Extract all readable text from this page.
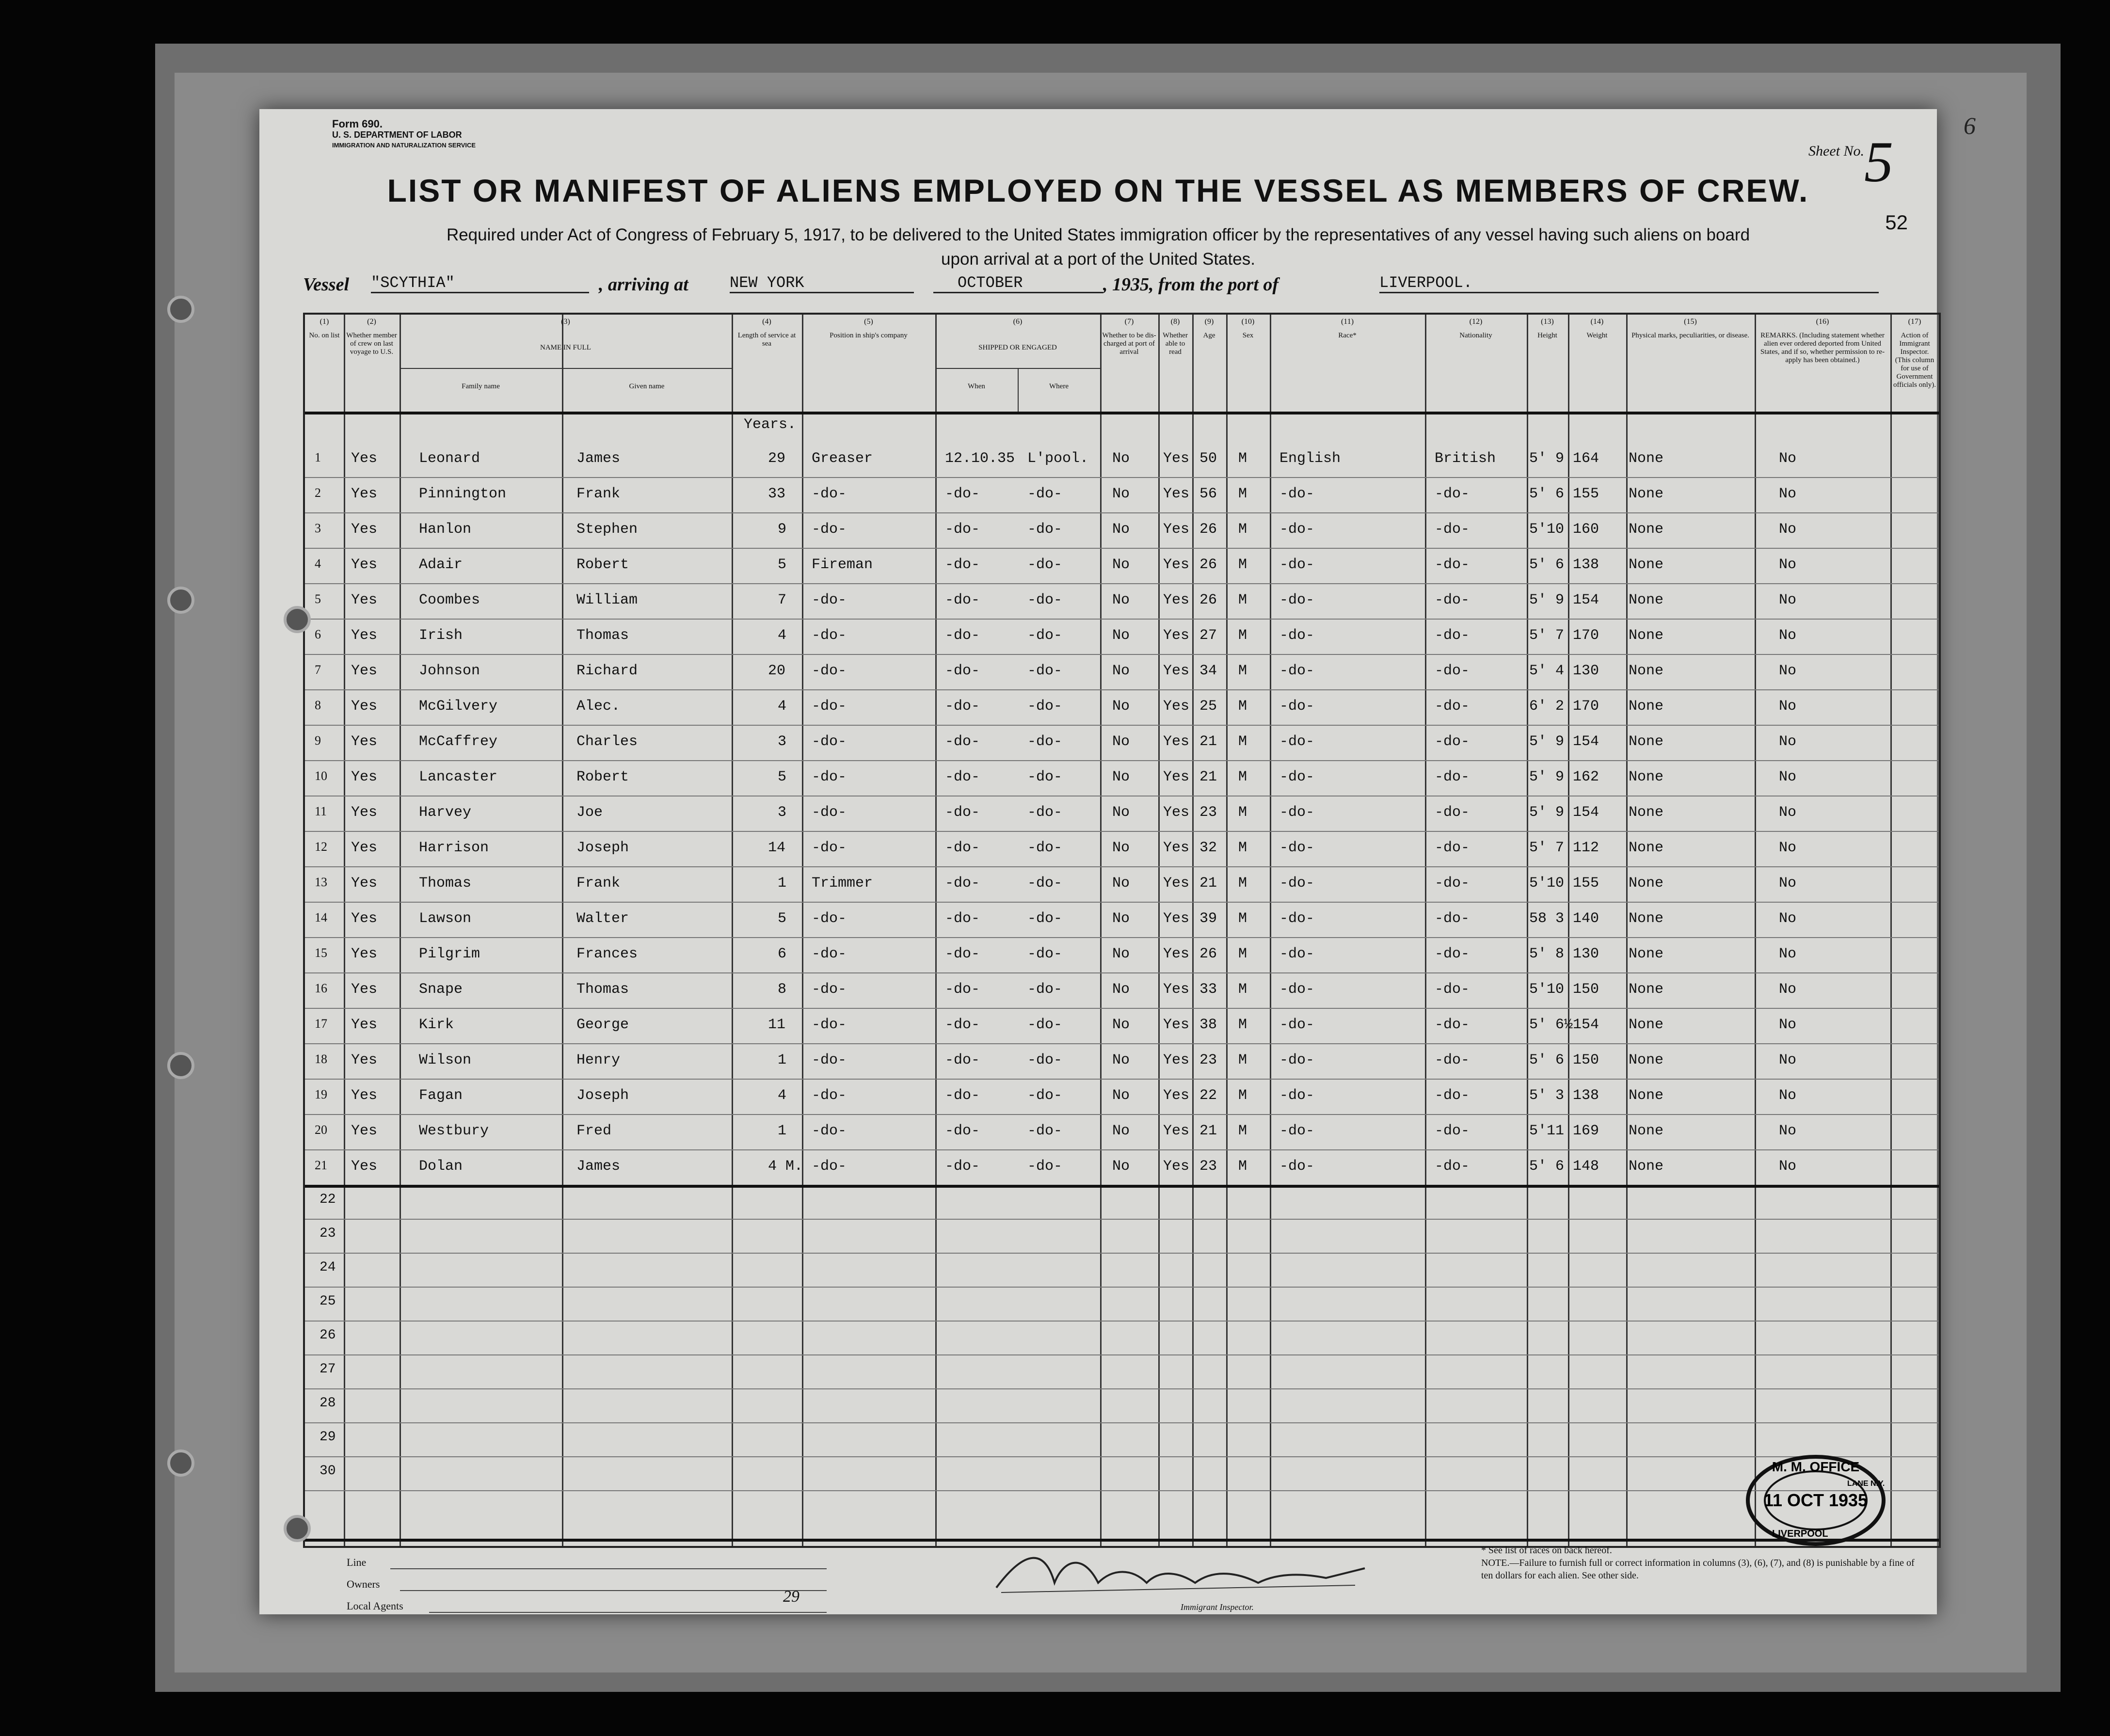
6
Form 690.
U. S. DEPARTMENT OF LABOR
IMMIGRATION AND NATURALIZATION SERVICE	Sheet No. 5
52
LIST OR MANIFEST OF ALIENS EMPLOYED ON THE VESSEL AS MEMBERS OF CREW.
Required under Act of Congress of February 5, 1917, to be delivered to the United States immigration officer by the representatives of any vessel having such aliens on board upon arrival at a port of the United States.
Vessel "SCYTHIA"	, arriving at	NEW YORK	OCTOBER	, 1935, from the port of	LIVERPOOL.
(1)
No. on list
(2)
Whether member of crew on last voyage to U.S.
(3)
NAME IN FULL
(4)
Length of service at sea
(5)
Position in ship's company
(6)
SHIPPED OR ENGAGED
(7)
Whether to be dis-charged at port of arrival
(8)
Whether able to read
(9)
Age
(10)
Sex
(11)
Race*
(12)
Nationality
(13)
Height
(14)
Weight
(15)
Physical marks, peculiarities, or disease.
(16)
REMARKS. (Including statement whether alien ever ordered deported from United States, and if so, whether permission to re-apply has been obtained.)
(17)
Action of Immigrant Inspector. (This column for use of Government officials only).
Family name	Given name	When	Where
Years.
1 Yes	Leonard	James	29 Greaser	12.10.35 L'pool. No Yes 50 M English	British 5' 9 164 None	No
2 Yes	Pinnington	Frank	33 -do-	-do-	-do-	No Yes 56 M -do-	-do-	5' 6 155 None	No
3 Yes	Hanlon	Stephen	9 -do-	-do-	-do-	No Yes 26 M -do-	-do-	5'10 160 None	No
4 Yes	Adair	Robert	5 Fireman	-do-	-do-	No Yes 26 M -do-	-do-	5' 6 138 None	No
5 Yes	Coombes	William	7 -do-	-do-	-do-	No Yes 26 M -do-	-do-	5' 9 154 None	No
6 Yes	Irish	Thomas	4 -do-	-do-	-do-	No Yes 27 M -do-	-do-	5' 7 170 None	No
7 Yes	Johnson	Richard	20 -do-	-do-	-do-	No Yes 34 M -do-	-do-	5' 4 130 None	No
8 Yes	McGilvery	Alec.	4 -do-	-do-	-do-	No Yes 25 M -do-	-do-	6' 2 170 None	No
9 Yes	McCaffrey	Charles	3 -do-	-do-	-do-	No Yes 21 M -do-	-do-	5' 9 154 None	No
10 Yes	Lancaster	Robert	5 -do-	-do-	-do-	No Yes 21 M -do-	-do-	5' 9 162 None	No
11 Yes	Harvey	Joe	3 -do-	-do-	-do-	No Yes 23 M -do-	-do-	5' 9 154 None	No
12 Yes	Harrison	Joseph	14 -do-	-do-	-do-	No Yes 32 M -do-	-do-	5' 7 112 None	No
13 Yes	Thomas	Frank	1 Trimmer	-do-	-do-	No Yes 21 M -do-	-do-	5'10 155 None	No
14 Yes	Lawson	Walter	5 -do-	-do-	-do-	No Yes 39 M -do-	-do-	58 3 140 None	No
15 Yes	Pilgrim	Frances	6 -do-	-do-	-do-	No Yes 26 M -do-	-do-	5' 8 130 None	No
16 Yes	Snape	Thomas	8 -do-	-do-	-do-	No Yes 33 M -do-	-do-	5'10 150 None	No
17 Yes	Kirk	George	11 -do-	-do-	-do-	No Yes 38 M -do-	-do-	5' 6½ 154 None	No
18 Yes	Wilson	Henry	1 -do-	-do-	-do-	No Yes 23 M -do-	-do-	5' 6 150 None	No
19 Yes	Fagan	Joseph	4 -do-	-do-	-do-	No Yes 22 M -do-	-do-	5' 3 138 None	No
20 Yes	Westbury	Fred	1 -do-	-do-	-do-	No Yes 21 M -do-	-do-	5'11 169 None	No
21 Yes	Dolan	James	4 M. -do-	-do-	-do-	No Yes 23 M -do-	-do-	5' 6 148 None	No
22
23
24
25
26
27
28
29
30
Line
Owners
Local Agents
29
Immigrant Inspector.
* See list of races on back hereof.
NOTE.—Failure to furnish full or correct information in columns (3), (6), (7), and (8) is punishable by a fine of ten dollars for each alien. See other side.
M. M. OFFICE
11 OCT 1935
LIVERPOOL
LANE N.Y.
